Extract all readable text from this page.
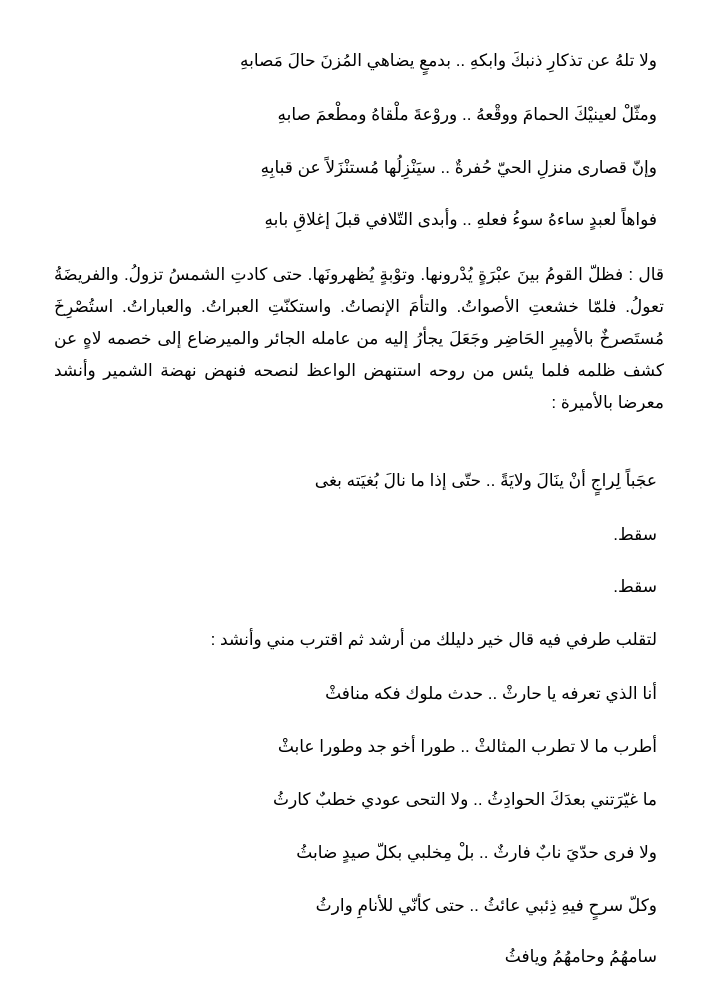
ولا تلهُ عن تذكارِ ذنبكَ وابكهِ .. بدمعٍ يضاهي المُزنَ حالَ مَصابهِ
ومثّلْ لعينيْكَ الحمامَ ووقْعهُ .. وروْعةَ ملْقاهُ ومطْعمَ صابهِ
وإنّ قصارى منزلِ الحيّ حُفرةٌ .. سيَنْزِلُها مُستنْزَلاً عن قبابِهِ
فواهاً لعبدٍ ساءهُ سوءُ فعلهِ .. وأبدى التّلافي قبلَ إغلاقِ بابهِ
قال : فظلّ القومُ بينَ عبْرَةٍ يُدْرونها. وتوْبةٍ يُظهرونَها. حتى كادتِ الشمسُ تزولُ. والفريضَةُ تعولُ. فلمّا خشعتِ الأصواتُ. والتأمَ الإنصاتُ. واستكنّتِ العبراتُ. والعباراتُ. استُصْرِخَ مُستَصرخٌ بالأمِيرِ الحَاضِر وجَعَلَ يجأرُ إليه من عامله الجائر والميرضاع إلى خصمه لاهٍ عن كشف ظلمه فلما يئس من روحه استنهض الواعظ لنصحه فنهض نهضة الشمير وأنشد معرضا بالأميرة :
عجَباً لِراجٍ أنْ ينَالَ ولايَةً .. حتّى إذا ما نالَ بُغيَته بغى
سقط.
سقط.
لتقلب طرفي فيه قال خير دليلك من أرشد ثم اقترب مني وأنشد :
أنا الذي تعرفه يا حارثْ .. حدث ملوك فكه منافثْ
أطرب ما لا تطرب المثالثْ .. طورا أخو جد وطورا عابثْ
ما غيّرَتني بعدَكَ الحوادِثُ .. ولا التحى عودي خطبٌ كارثُ
ولا فرى حدّيَ نابٌ فارثٌ .. بلْ مِخلبي بكلّ صيدٍ ضابثُ
وكلّ سرحٍ فيهِ ذِئبي عائثُ .. حتى كأنّي للأنامِ وارثُ
سامهُمُ وحامهُمُ ويافثُ
